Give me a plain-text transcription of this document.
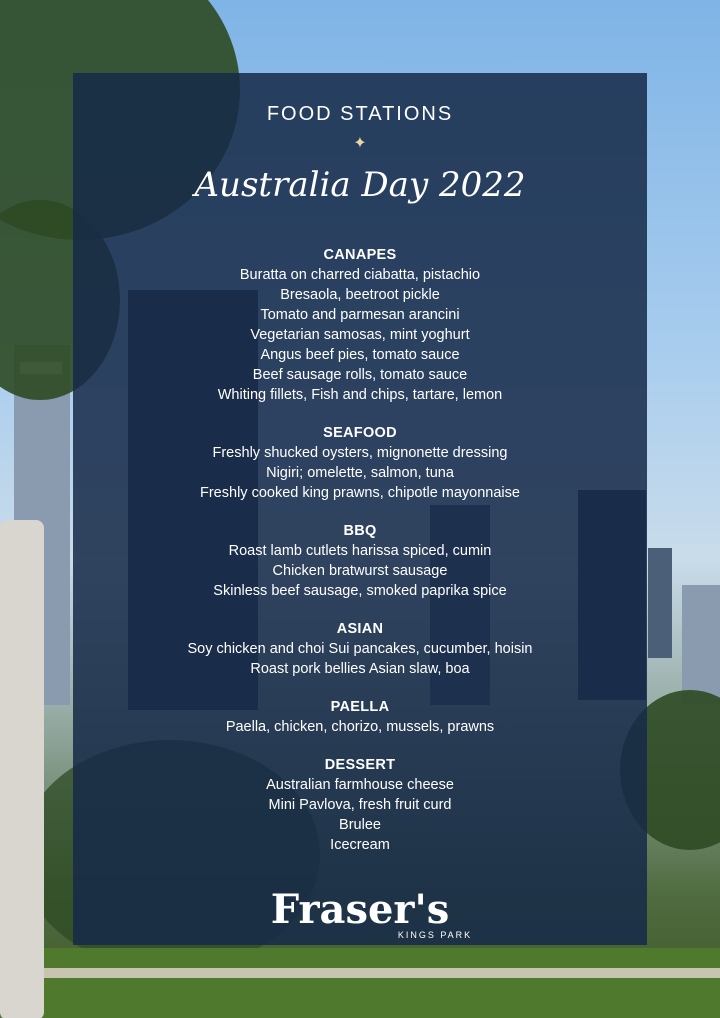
FOOD STATIONS
✦
Australia Day 2022
CANAPES
Buratta on charred ciabatta, pistachio
Bresaola, beetroot pickle
Tomato and parmesan arancini
Vegetarian samosas, mint yoghurt
Angus beef pies, tomato sauce
Beef sausage rolls, tomato sauce
Whiting fillets, Fish and chips, tartare, lemon
SEAFOOD
Freshly shucked oysters, mignonette dressing
Nigiri; omelette, salmon, tuna
Freshly cooked king prawns, chipotle mayonnaise
BBQ
Roast lamb cutlets harissa spiced, cumin
Chicken bratwurst sausage
Skinless beef sausage, smoked paprika spice
ASIAN
Soy chicken and choi Sui pancakes, cucumber, hoisin
Roast pork bellies Asian slaw, boa
PAELLA
Paella, chicken, chorizo, mussels, prawns
DESSERT
Australian farmhouse cheese
Mini Pavlova, fresh fruit curd
Brulee
Icecream
Fraser's
KINGS PARK
